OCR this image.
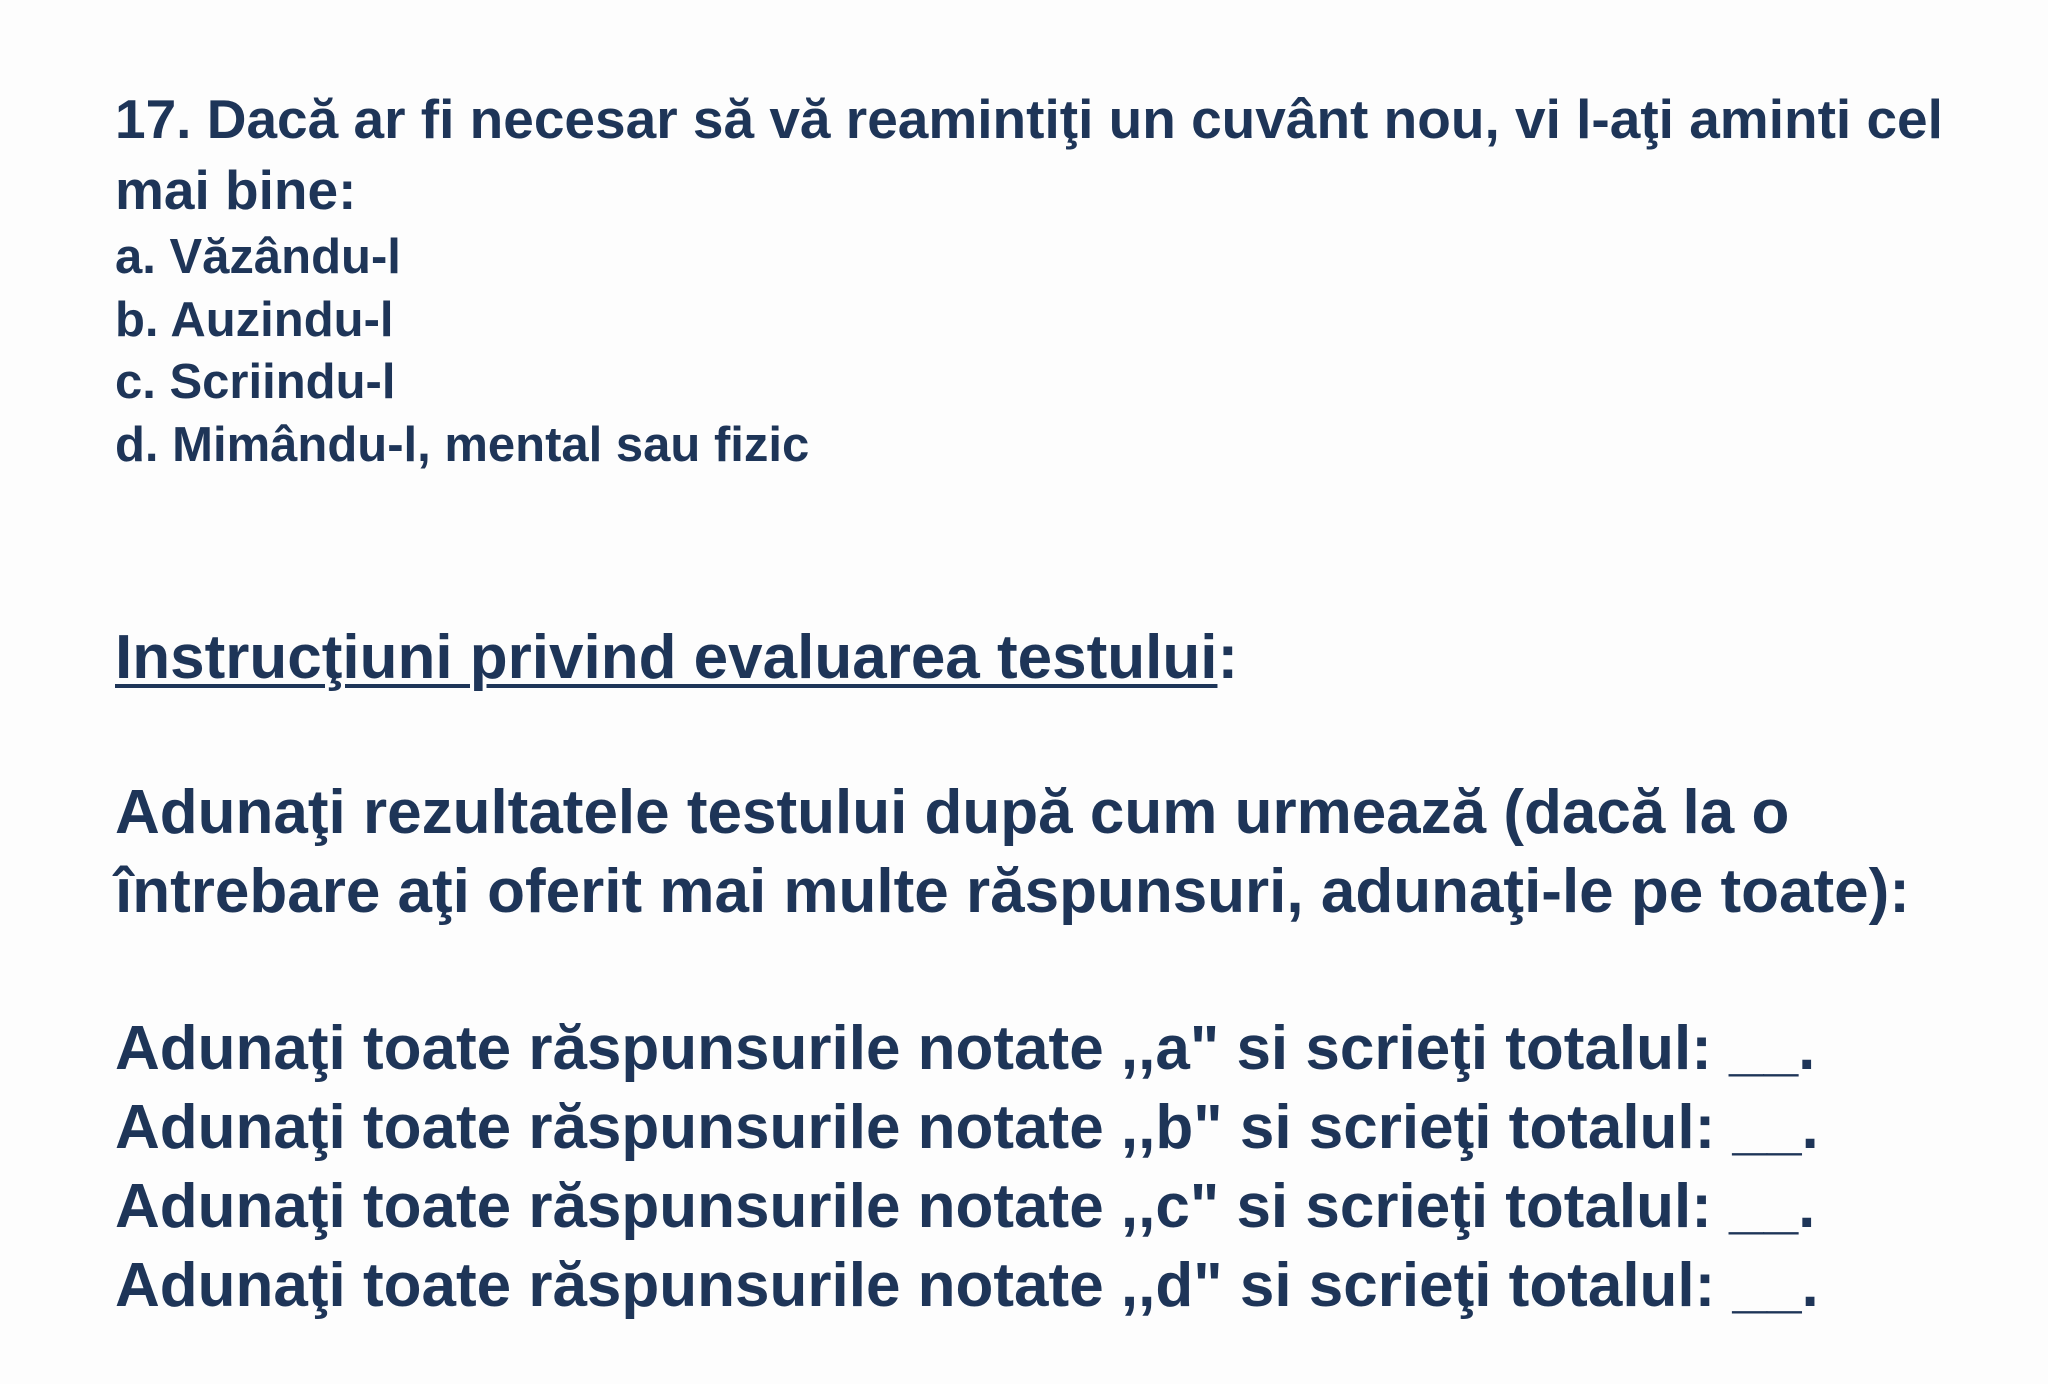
17. Dacă ar fi necesar să vă reamintiţi un cuvânt nou, vi l-aţi aminti cel mai bine:

a. Văzându-l
b. Auzindu-l
c. Scriindu-l
d. Mimându-l, mental sau fizic
Instrucţiuni privind evaluarea testului:

Adunaţi rezultatele testului după cum urmează (dacă la o întrebare aţi oferit mai multe răspunsuri, adunaţi-le pe toate):

Adunaţi toate răspunsurile notate ,,a" si scrieţi totalul: __.
Adunaţi toate răspunsurile notate ,,b" si scrieţi totalul: __.
Adunaţi toate răspunsurile notate ,,c" si scrieţi totalul: __.
Adunaţi toate răspunsurile notate ,,d" si scrieţi totalul: __.
